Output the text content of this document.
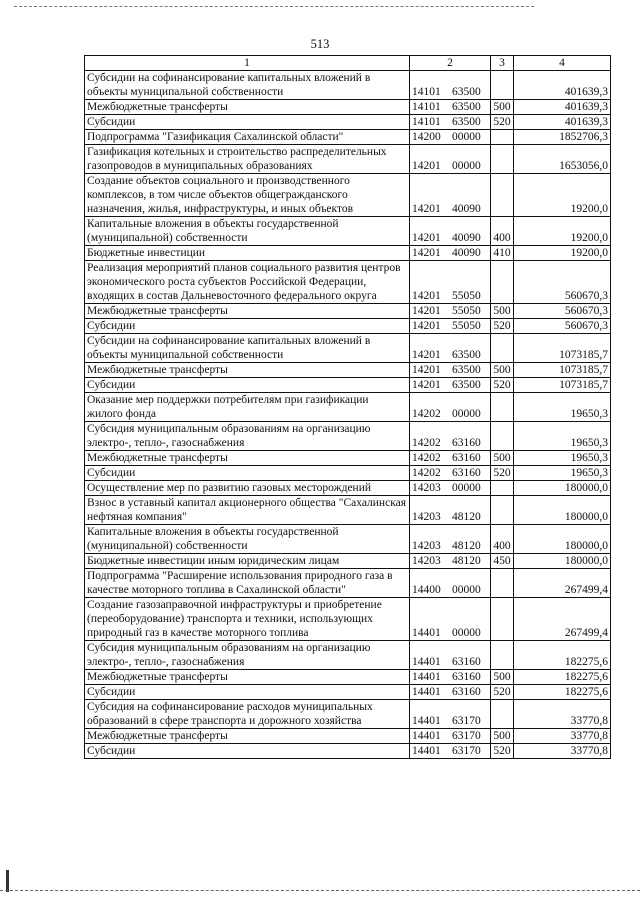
513
1	2	3	4
Субсидии на софинансирование капитальных вложений в объекты муниципальной собственности	14101 63500		401639,3
Межбюджетные трансферты	14101 63500	500	401639,3
Субсидии	14101 63500	520	401639,3
Подпрограмма "Газификация Сахалинской области"	14200 00000		1852706,3
Газификация котельных и строительство распределительных газопроводов в муниципальных образованиях	14201 00000		1653056,0
Создание объектов социального и производственного комплексов, в том числе объектов общегражданского назначения, жилья, инфраструктуры, и иных объектов	14201 40090		19200,0
Капитальные вложения в объекты государственной (муниципальной) собственности	14201 40090	400	19200,0
Бюджетные инвестиции	14201 40090	410	19200,0
Реализация мероприятий планов социального развития центров экономического роста субъектов Российской Федерации, входящих в состав Дальневосточного федерального округа	14201 55050		560670,3
Межбюджетные трансферты	14201 55050	500	560670,3
Субсидии	14201 55050	520	560670,3
Субсидии на софинансирование капитальных вложений в объекты муниципальной собственности	14201 63500		1073185,7
Межбюджетные трансферты	14201 63500	500	1073185,7
Субсидии	14201 63500	520	1073185,7
Оказание мер поддержки потребителям при газификации жилого фонда	14202 00000		19650,3
Субсидия муниципальным образованиям на организацию электро-, тепло-, газоснабжения	14202 63160		19650,3
Межбюджетные трансферты	14202 63160	500	19650,3
Субсидии	14202 63160	520	19650,3
Осуществление мер по развитию газовых месторождений	14203 00000		180000,0
Взнос в уставный капитал акционерного общества "Сахалинская нефтяная компания"	14203 48120		180000,0
Капитальные вложения в объекты государственной (муниципальной) собственности	14203 48120	400	180000,0
Бюджетные инвестиции иным юридическим лицам	14203 48120	450	180000,0
Подпрограмма "Расширение использования природного газа в качестве моторного топлива в Сахалинской области"	14400 00000		267499,4
Создание газозаправочной инфраструктуры и приобретение (переоборудование) транспорта и техники, использующих природный газ в качестве моторного топлива	14401 00000		267499,4
Субсидия муниципальным образованиям на организацию электро-, тепло-, газоснабжения	14401 63160		182275,6
Межбюджетные трансферты	14401 63160	500	182275,6
Субсидии	14401 63160	520	182275,6
Субсидия на софинансирование расходов муниципальных образований в сфере транспорта и дорожного хозяйства	14401 63170		33770,8
Межбюджетные трансферты	14401 63170	500	33770,8
Субсидии	14401 63170	520	33770,8
